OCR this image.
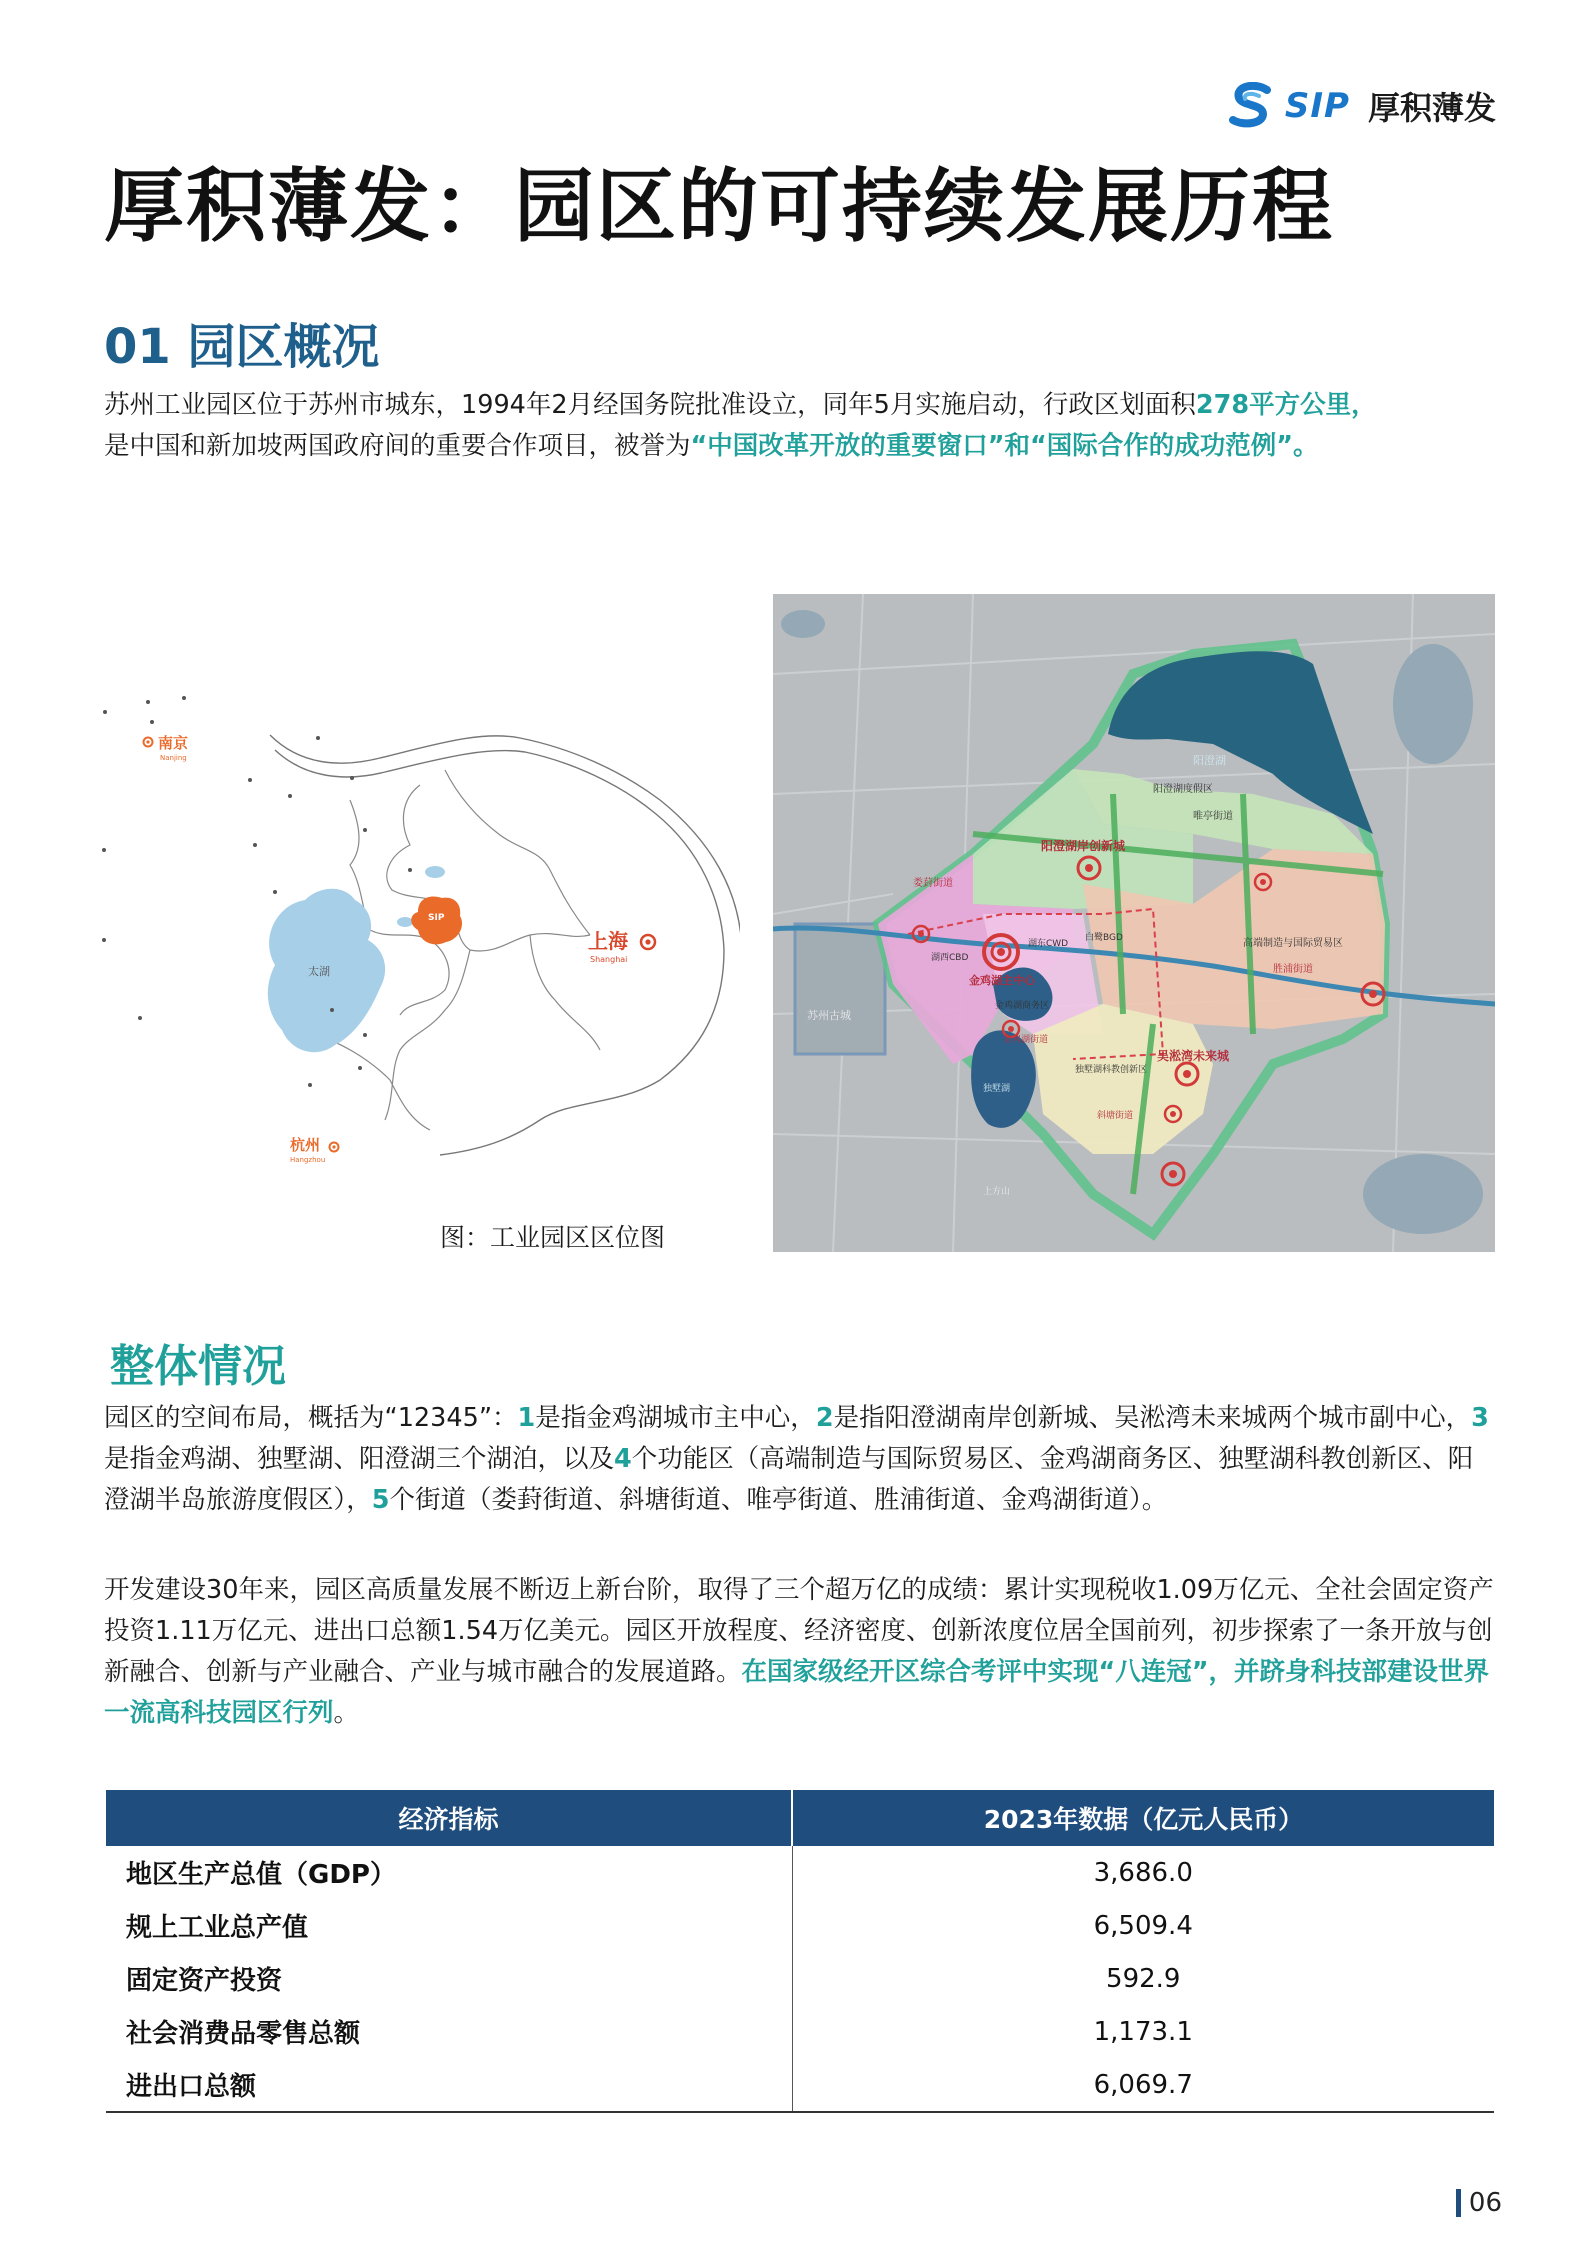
SIP 厚积薄发
厚积薄发：园区的可持续发展历程
01 园区概况

苏州工业园区位于苏州市城东，1994年2月经国务院批准设立，同年5月实施启动，行政区划面积278平方公里，
是中国和新加坡两国政府间的重要合作项目，被誉为“中国改革开放的重要窗口”和“国际合作的成功范例”。

太湖
SIP
南京
Nanjing
上海
Shanghai
杭州
Hangzhou
图：工业园区区位图
苏州古城
阳澄湖
独墅湖
阳澄湖度假区
唯亭街道
阳澄湖岸创新城
娄葑街道
湖西CBD
湖东CWD
白鹭BGD
金鸡湖主中心
金鸡湖商务区
金鸡湖街道
高端制造与国际贸易区
胜浦街道
吴淞湾未来城
独墅湖科教创新区
斜塘街道
上方山
整体情况

园区的空间布局，概括为“12345”：1是指金鸡湖城市主中心，2是指阳澄湖南岸创新城、吴淞湾未来城两个城市副中心，3是指金鸡湖、独墅湖、阳澄湖三个湖泊，以及4个功能区（高端制造与国际贸易区、金鸡湖商务区、独墅湖科教创新区、阳澄湖半岛旅游度假区），5个街道（娄葑街道、斜塘街道、唯亭街道、胜浦街道、金鸡湖街道）。

开发建设30年来，园区高质量发展不断迈上新台阶，取得了三个超万亿的成绩：累计实现税收1.09万亿元、全社会固定资产投资1.11万亿元、进出口总额1.54万亿美元。园区开放程度、经济密度、创新浓度位居全国前列，初步探索了一条开放与创新融合、创新与产业融合、产业与城市融合的发展道路。在国家级经开区综合考评中实现“八连冠”，并跻身科技部建设世界一流高科技园区行列。

经济指标	2023年数据（亿元人民币）
地区生产总值（GDP）	3,686.0
规上工业总产值	6,509.4
固定资产投资	592.9
社会消费品零售总额	1,173.1
进出口总额	6,069.7
06
